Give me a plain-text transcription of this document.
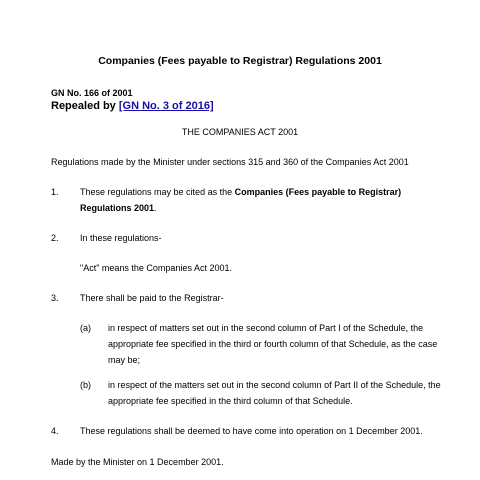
Companies (Fees payable to Registrar) Regulations 2001
GN No. 166 of 2001
Repealed by [GN No. 3 of 2016]
THE COMPANIES ACT 2001
Regulations made by the Minister under sections 315 and 360 of the Companies Act 2001
1. These regulations may be cited as the Companies (Fees payable to Registrar)
Regulations 2001.
2. In these regulations-
"Act" means the Companies Act 2001.
3. There shall be paid to the Registrar-
(a) in respect of matters set out in the second column of Part I of the Schedule, the
appropriate fee specified in the third or fourth column of that Schedule, as the case
may be;
(b) in respect of the matters set out in the second column of Part II of the Schedule, the
appropriate fee specified in the third column of that Schedule.
4. These regulations shall be deemed to have come into operation on 1 December 2001.
Made by the Minister on 1 December 2001.
